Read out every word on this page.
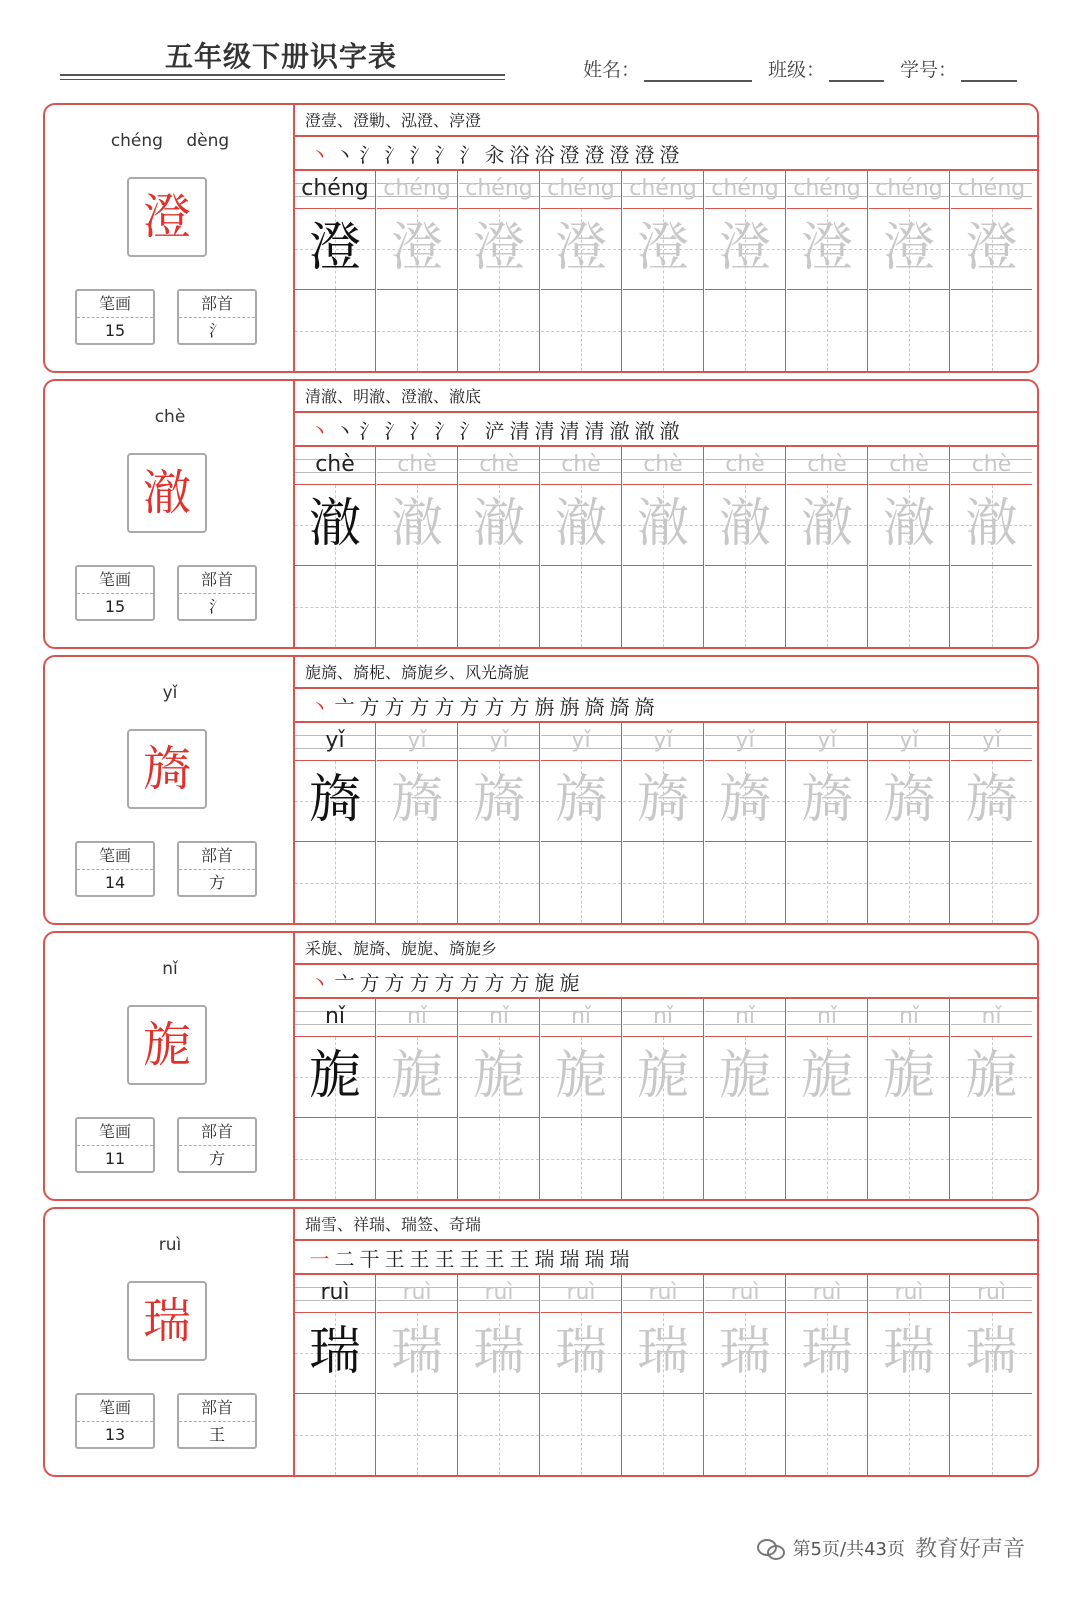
五年级下册识字表	姓名：	班级：	学号：
chéng dèng
澄
笔画
15
部首
氵
澄壹、澄勦、泓澄、渟澄
丶 丶 氵 氵 氵 氵 氵 汆 浴 浴 澄 澄 澄 澄 澄
chéng
澄
chéng
澄
chéng
澄
chéng
澄
chéng
澄
chéng
澄
chéng
澄
chéng
澄
chéng
澄
chè
澈
笔画
15
部首
氵
清澈、明澈、澄澈、澈底
丶 丶 氵 氵 氵 氵 氵 浐 清 清 清 清 澈 澈 澈
chè
澈
chè
澈
chè
澈
chè
澈
chè
澈
chè
澈
chè
澈
chè
澈
chè
澈
yǐ
旖
笔画
14
部首
方
旎旖、旖柅、旖旎乡、风光旖旎
丶 亠 方 方 方 方 方 方 方 旃 旃 旖 旖 旖
yǐ
旖
yǐ
旖
yǐ
旖
yǐ
旖
yǐ
旖
yǐ
旖
yǐ
旖
yǐ
旖
yǐ
旖
nǐ
旎
笔画
11
部首
方
采旎、旎旖、旎旎、旖旎乡
丶 亠 方 方 方 方 方 方 方 旎 旎
nǐ
旎
nǐ
旎
nǐ
旎
nǐ
旎
nǐ
旎
nǐ
旎
nǐ
旎
nǐ
旎
nǐ
旎
ruì
瑞
笔画
13
部首
王
瑞雪、祥瑞、瑞签、奇瑞
一 二 干 王 王 王 王 王 王 瑞 瑞 瑞 瑞
ruì
瑞
ruì
瑞
ruì
瑞
ruì
瑞
ruì
瑞
ruì
瑞
ruì
瑞
ruì
瑞
ruì
瑞
第5页/共43页 教育好声音
